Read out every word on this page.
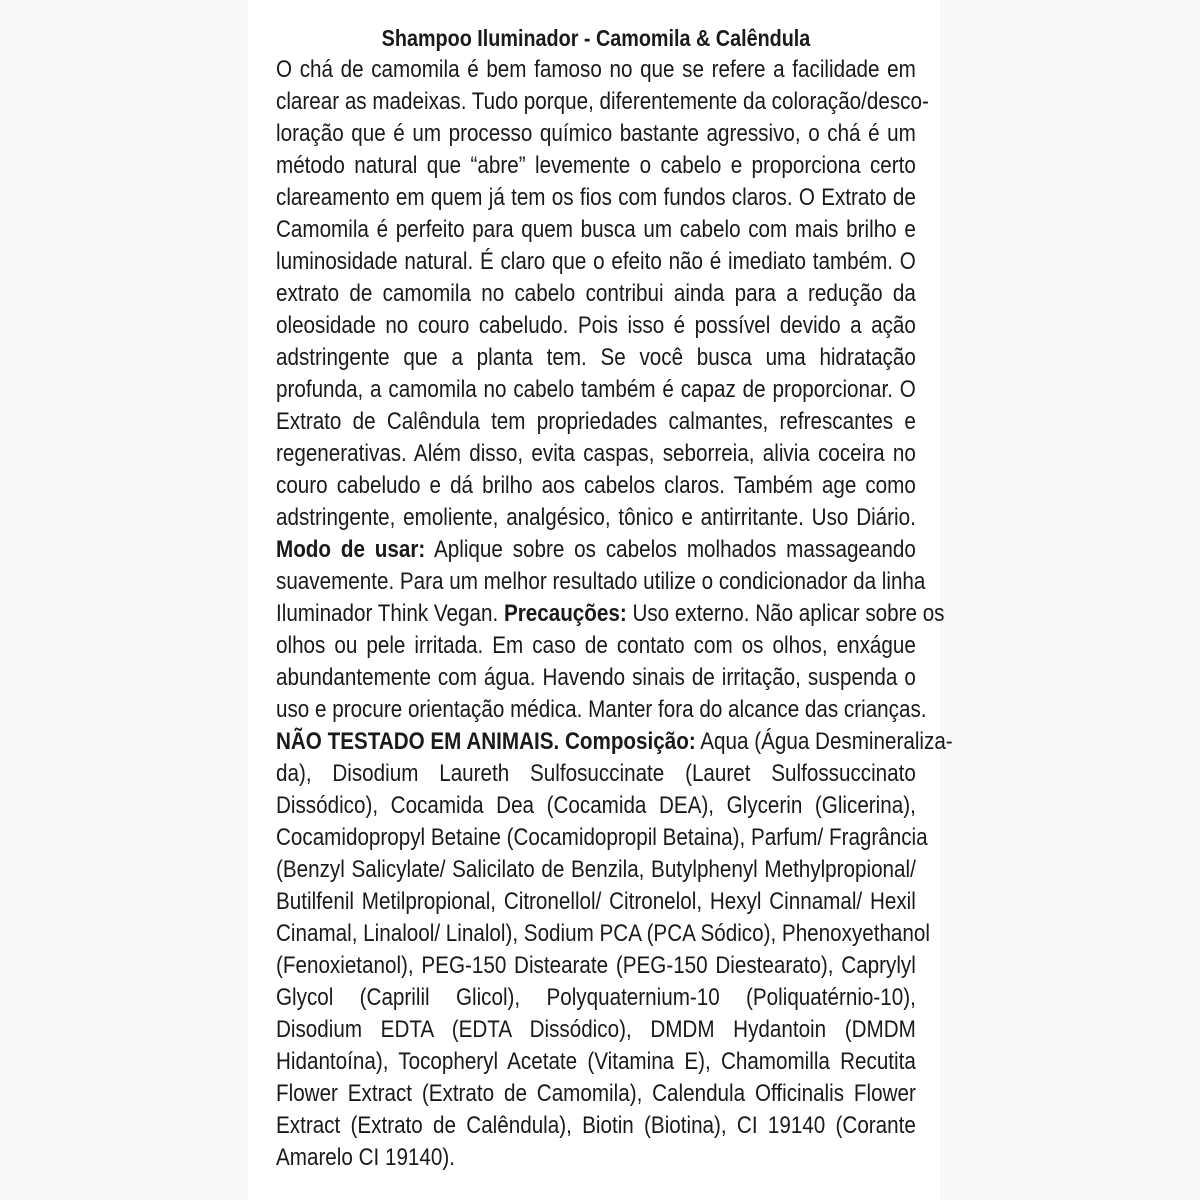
Shampoo Iluminador - Camomila & Calêndula
O chá de camomila é bem famoso no que se refere a facilidade em
clarear as madeixas. Tudo porque, diferentemente da coloração/desco-
loração que é um processo químico bastante agressivo, o chá é um
método natural que “abre” levemente o cabelo e proporciona certo
clareamento em quem já tem os fios com fundos claros. O Extrato de
Camomila é perfeito para quem busca um cabelo com mais brilho e
luminosidade natural. É claro que o efeito não é imediato também. O
extrato de camomila no cabelo contribui ainda para a redução da
oleosidade no couro cabeludo. Pois isso é possível devido a ação
adstringente que a planta tem. Se você busca uma hidratação
profunda, a camomila no cabelo também é capaz de proporcionar. O
Extrato de Calêndula tem propriedades calmantes, refrescantes e
regenerativas. Além disso, evita caspas, seborreia, alivia coceira no
couro cabeludo e dá brilho aos cabelos claros. Também age como
adstringente, emoliente, analgésico, tônico e antirritante. Uso Diário.
Modo de usar: Aplique sobre os cabelos molhados massageando
suavemente. Para um melhor resultado utilize o condicionador da linha
Iluminador Think Vegan. Precauções: Uso externo. Não aplicar sobre os
olhos ou pele irritada. Em caso de contato com os olhos, enxágue
abundantemente com água. Havendo sinais de irritação, suspenda o
uso e procure orientação médica. Manter fora do alcance das crianças.
NÃO TESTADO EM ANIMAIS. Composição: Aqua (Água Desmineraliza-
da), Disodium Laureth Sulfosuccinate (Lauret Sulfossuccinato
Dissódico), Cocamida Dea (Cocamida DEA), Glycerin (Glicerina),
Cocamidopropyl Betaine (Cocamidopropil Betaina), Parfum/ Fragrância
(Benzyl Salicylate/ Salicilato de Benzila, Butylphenyl Methylpropional/
Butilfenil Metilpropional, Citronellol/ Citronelol, Hexyl Cinnamal/ Hexil
Cinamal, Linalool/ Linalol), Sodium PCA (PCA Sódico), Phenoxyethanol
(Fenoxietanol), PEG-150 Distearate (PEG-150 Diestearato), Caprylyl
Glycol (Caprilil Glicol), Polyquaternium-10 (Poliquatérnio-10),
Disodium EDTA (EDTA Dissódico), DMDM Hydantoin (DMDM
Hidantoína), Tocopheryl Acetate (Vitamina E), Chamomilla Recutita
Flower Extract (Extrato de Camomila), Calendula Officinalis Flower
Extract (Extrato de Calêndula), Biotin (Biotina), CI 19140 (Corante
Amarelo CI 19140).
